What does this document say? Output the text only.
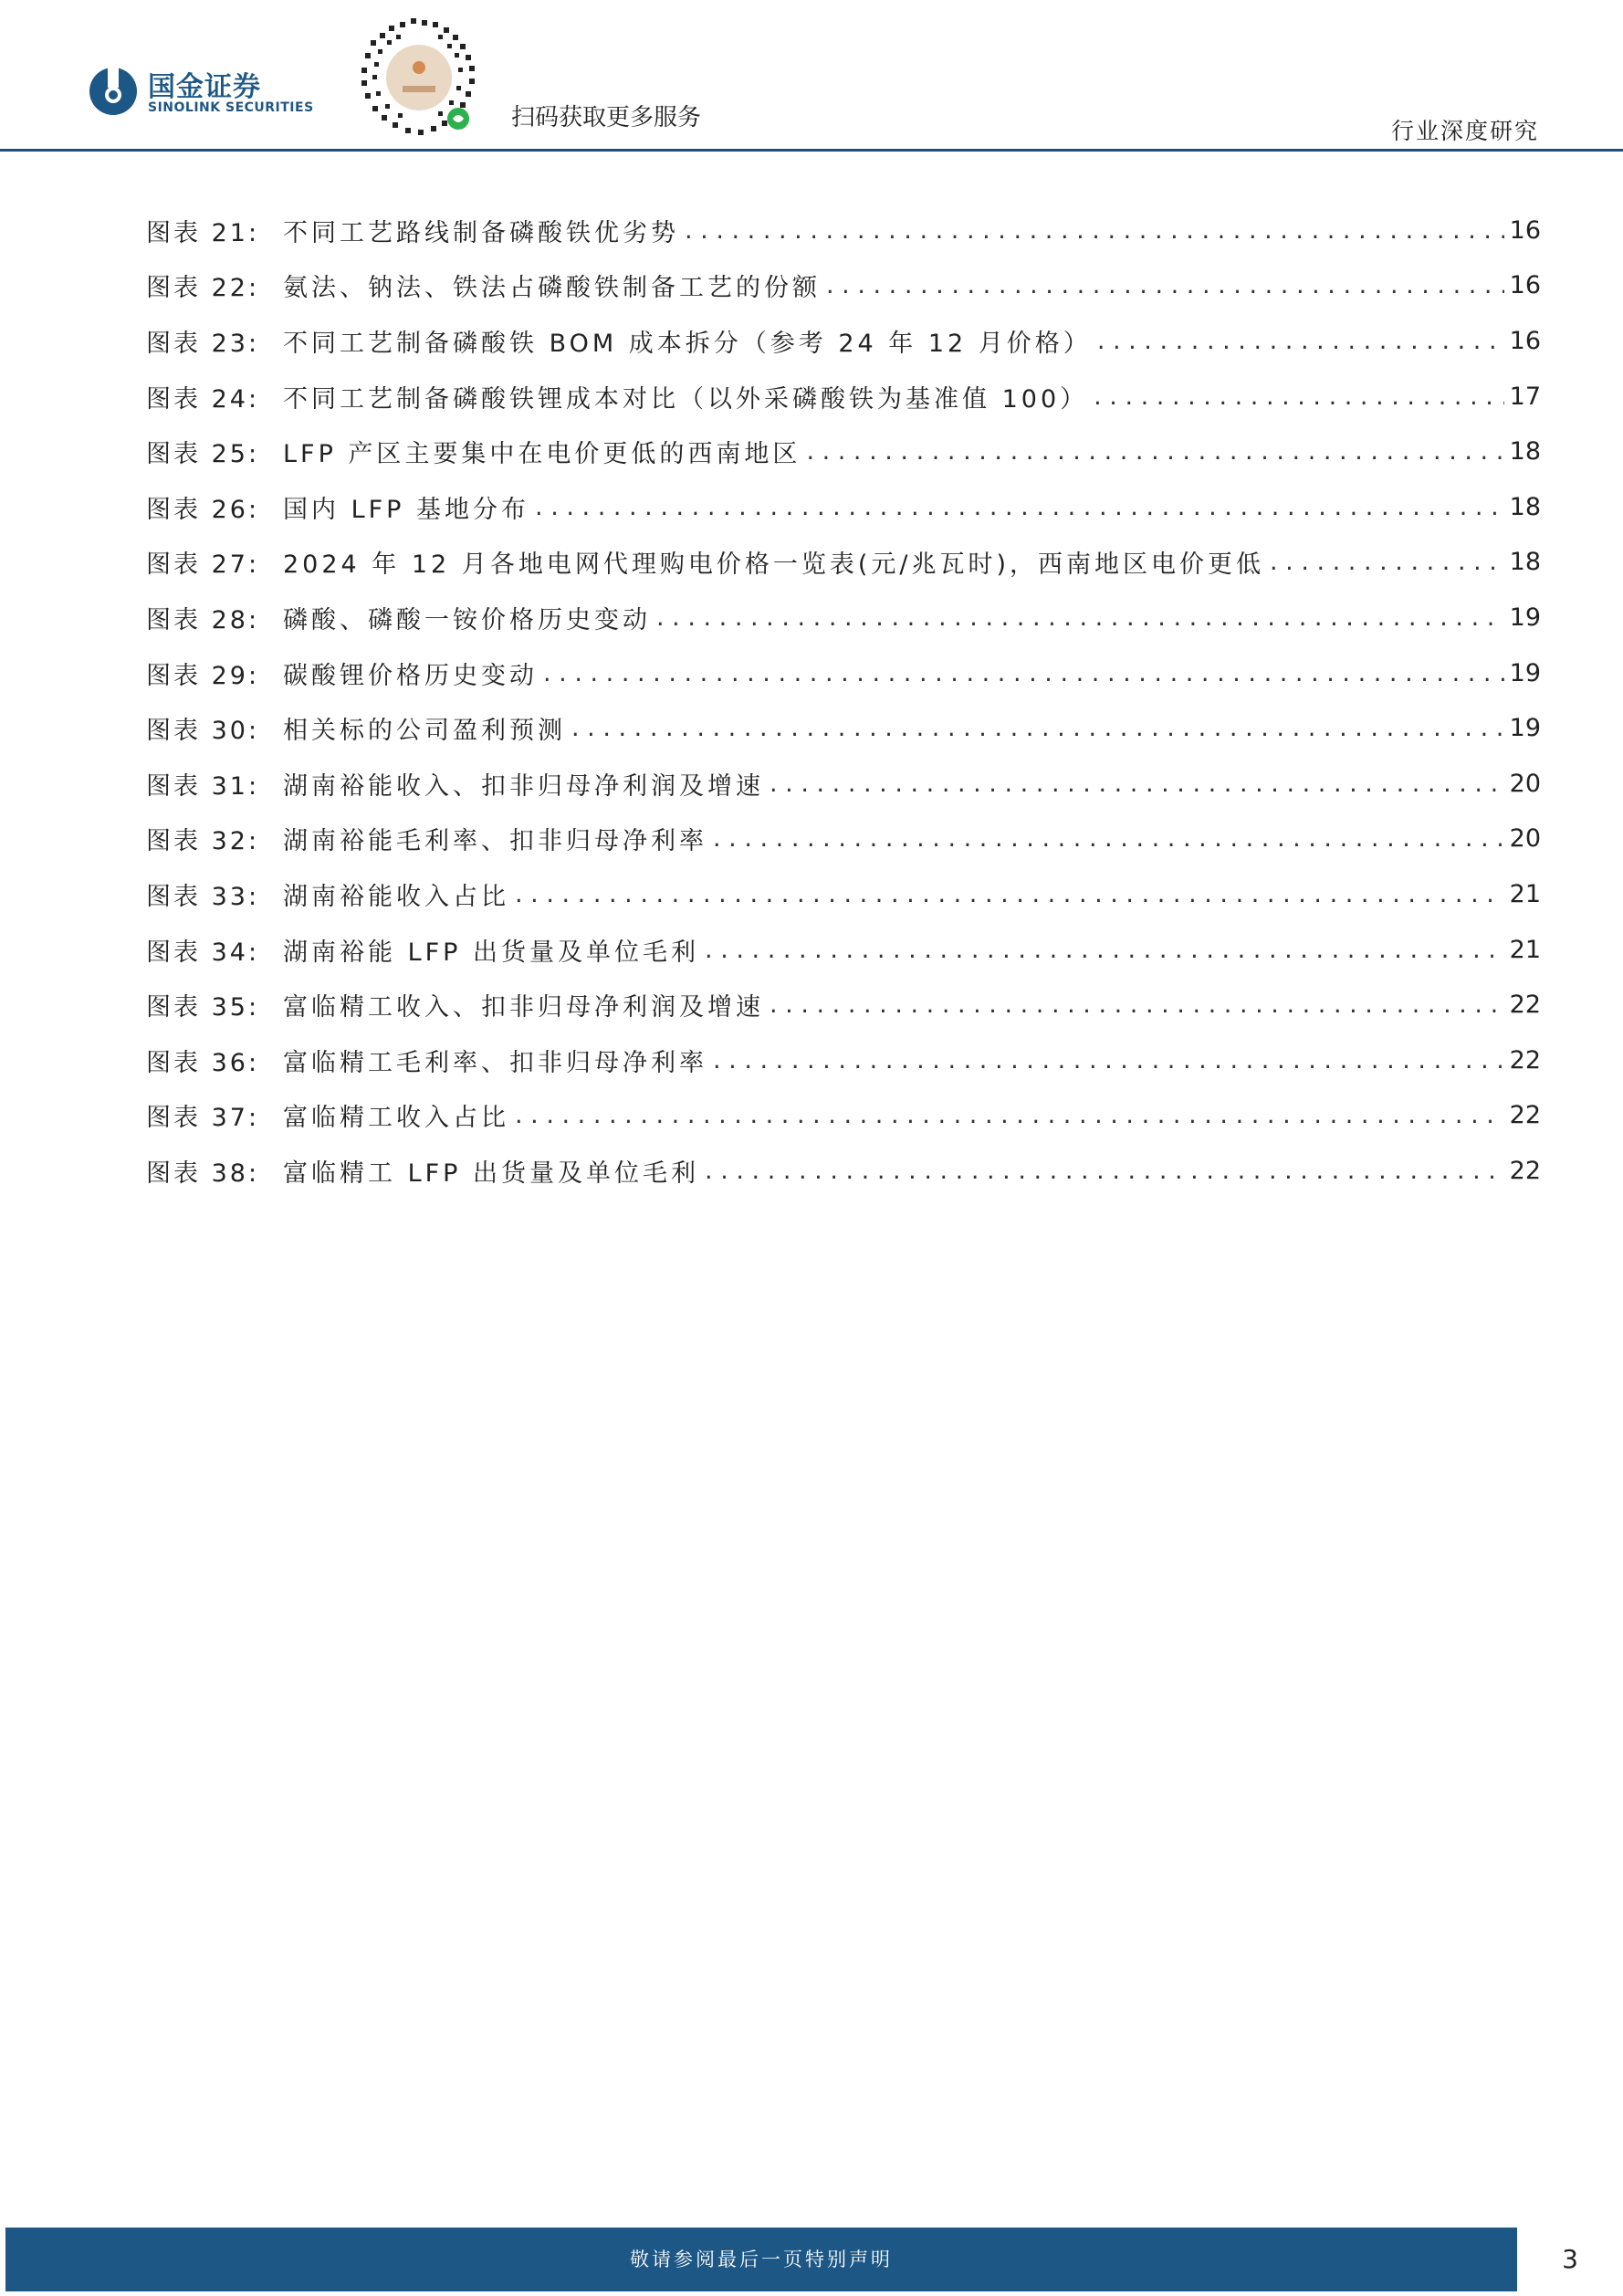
国金证券
SINOLINK SECURITIES	扫码获取更多服务	行业深度研究
图表 21: 不同工艺路线制备磷酸铁优劣势 . . .	16
图表 22: 氨法、钠法、铁法占磷酸铁制备工艺的份额 . . .	16
图表 23: 不同工艺制备磷酸铁 BOM 成本拆分（参考 24 年 12 月价格） . . .	16
图表 24: 不同工艺制备磷酸铁锂成本对比（以外采磷酸铁为基准值 100） . . .	17
图表 25: LFP 产区主要集中在电价更低的西南地区 . . .	18
图表 26: 国内 LFP 基地分布 . . .	18
图表 27: 2024 年 12 月各地电网代理购电价格一览表(元/兆瓦时)，西南地区电价更低 . . .	18
图表 28: 磷酸、磷酸一铵价格历史变动 . . .	19
图表 29: 碳酸锂价格历史变动 . . .	19
图表 30: 相关标的公司盈利预测 . . .	19
图表 31: 湖南裕能收入、扣非归母净利润及增速 . . .	20
图表 32: 湖南裕能毛利率、扣非归母净利率 . . .	20
图表 33: 湖南裕能收入占比 . . .	21
图表 34: 湖南裕能 LFP 出货量及单位毛利 . . .	21
图表 35: 富临精工收入、扣非归母净利润及增速 . . .	22
图表 36: 富临精工毛利率、扣非归母净利率 . . .	22
图表 37: 富临精工收入占比 . . .	22
图表 38: 富临精工 LFP 出货量及单位毛利 . . .	22
敬请参阅最后一页特别声明	3
